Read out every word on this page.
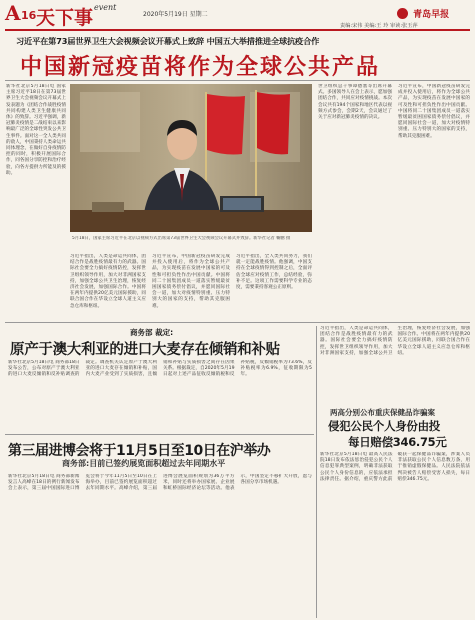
A 16 天下事 event
2020年5月19日 星期二	青岛早报
责编:宋伟 美编:王 玲 审读:张玉萍
习近平在第73届世界卫生大会视频会议开幕式上致辞 中国五大举措推进全球抗疫合作
中国新冠疫苗将作为全球公共产品
新华社北京5月18日电 国家主席习近平18日在第73届世界卫生大会视频会议开幕式上发表题为《团结合作战胜疫情 共同构建人类卫生健康共同体》的致辞。习近平强调，新冠肺炎疫情是二战结束以来影响最广泛的全球性突发公共卫生事件。面对这一全人类共同的敌人，中国秉持人类命运共同体理念，在做好自身疫情防控的同时，积极开展国际合作，同各国分享防控和治疗经验，向各方提供力所能及的援助。
5月18日，国家主席习近平在北京以视频方式出席第73届世界卫生大会视频会议开幕式并致辞。新华社记者 鞠鹏 摄
习近平指出，人类是命运共同体，团结合作是战胜疫情最有力的武器。国际社会要全力搞好疫情防控，发挥世卫组织领导作用，加大对非洲国家支持，加强全球公共卫生治理，恢复经济社会发展，加强国际合作。中国将在两年内提供20亿美元国际援助，同联合国合作在华设立全球人道主义应急仓库和枢纽。
习近平宣布，中国新冠疫苗研发完成并投入使用后，将作为全球公共产品，为实现疫苗在发展中国家的可及性和可担负性作出中国贡献。中国将同二十国集团成员一道落实暂缓最贫困国家债务偿付倡议，并愿同国际社会一道，加大对疫情特别重、压力特别大的国家的支持，帮助其克服困难。
习近平指出，全人类共同努力，我们就一定能战胜疫情。他强调，中国支持在全球疫情得到控制之后，全面评估全球应对疫情工作，总结经验，弥补不足。这项工作需要科学专业的态度，需要秉持客观公正原则。
世卫组织总干事谭德塞等出席开幕式。多国领导人在会上表示，愿加强团结合作，共同应对疫情挑战。本次会议共有194个国家和地区代表以视频方式参会，会期2天，会议通过了关于应对新冠肺炎疫情的决议。
习近平宣布，中国新冠疫苗研发完成并投入使用后，将作为全球公共产品，为实现疫苗在发展中国家的可及性和可担负性作出中国贡献。中国将同二十国集团成员一道落实暂缓最贫困国家债务偿付倡议，并愿同国际社会一道，加大对疫情特别重、压力特别大的国家的支持，帮助其克服困难。
商务部 裁定:
原产于澳大利亚的进口大麦存在倾销和补贴
新华社北京5月18日电 商务部18日发布公告，公布对原产于澳大利亚的进口大麦反倾销和反补贴调查的裁定。调查机关认定原产于澳大利亚的进口大麦存在倾销和补贴，国内大麦产业受到了实质损害，且倾销和补贴与实质损害之间存在因果关系。根据裁定，自2020年5月19日起对上述产品征收反倾销税和反补贴税，反倾销税率为73.6%，反补贴税率为6.9%，征收期限为5年。
第三届进博会将于11月5日至10日在沪举办
商务部:目前已签约展览面积超过去年同期水平
新华社北京5月18日电 商务部新闻发言人高峰在18日的例行新闻发布会上表示，第三届中国国际进口博览会将于今年11月5日至10日在上海举办，目前已签约展览面积超过去年同期水平。高峰介绍，第三届进博会展览面积规划为36万平方米，同时还将举办国家展、企业展和虹桥国际经济论坛等活动。他表示，中国坚定不移扩大开放，愿与各国分享市场机遇。
两高分别公布重庆保健品诈骗案
侵犯公民个人身份由投
每日赔偿346.75元
新华社北京5月18日电 最高人民法院18日发布依法惩治侵犯公民个人信息犯罪典型案例，明确非法获取公民个人身份信息的，应依法承担法律责任。据介绍，重庆警方此前破获一起保健品诈骗案，涉案人员非法获取公民个人信息数万条，用于推销虚假保健品。人民法院依法判决被告人赔偿受害人损失，每日赔偿346.75元。
习近平指出，人类是命运共同体，团结合作是战胜疫情最有力的武器。国际社会要全力搞好疫情防控，发挥世卫组织领导作用，加大对非洲国家支持，加强全球公共卫生治理，恢复经济社会发展，加强国际合作。中国将在两年内提供20亿美元国际援助，同联合国合作在华设立全球人道主义应急仓库和枢纽。
